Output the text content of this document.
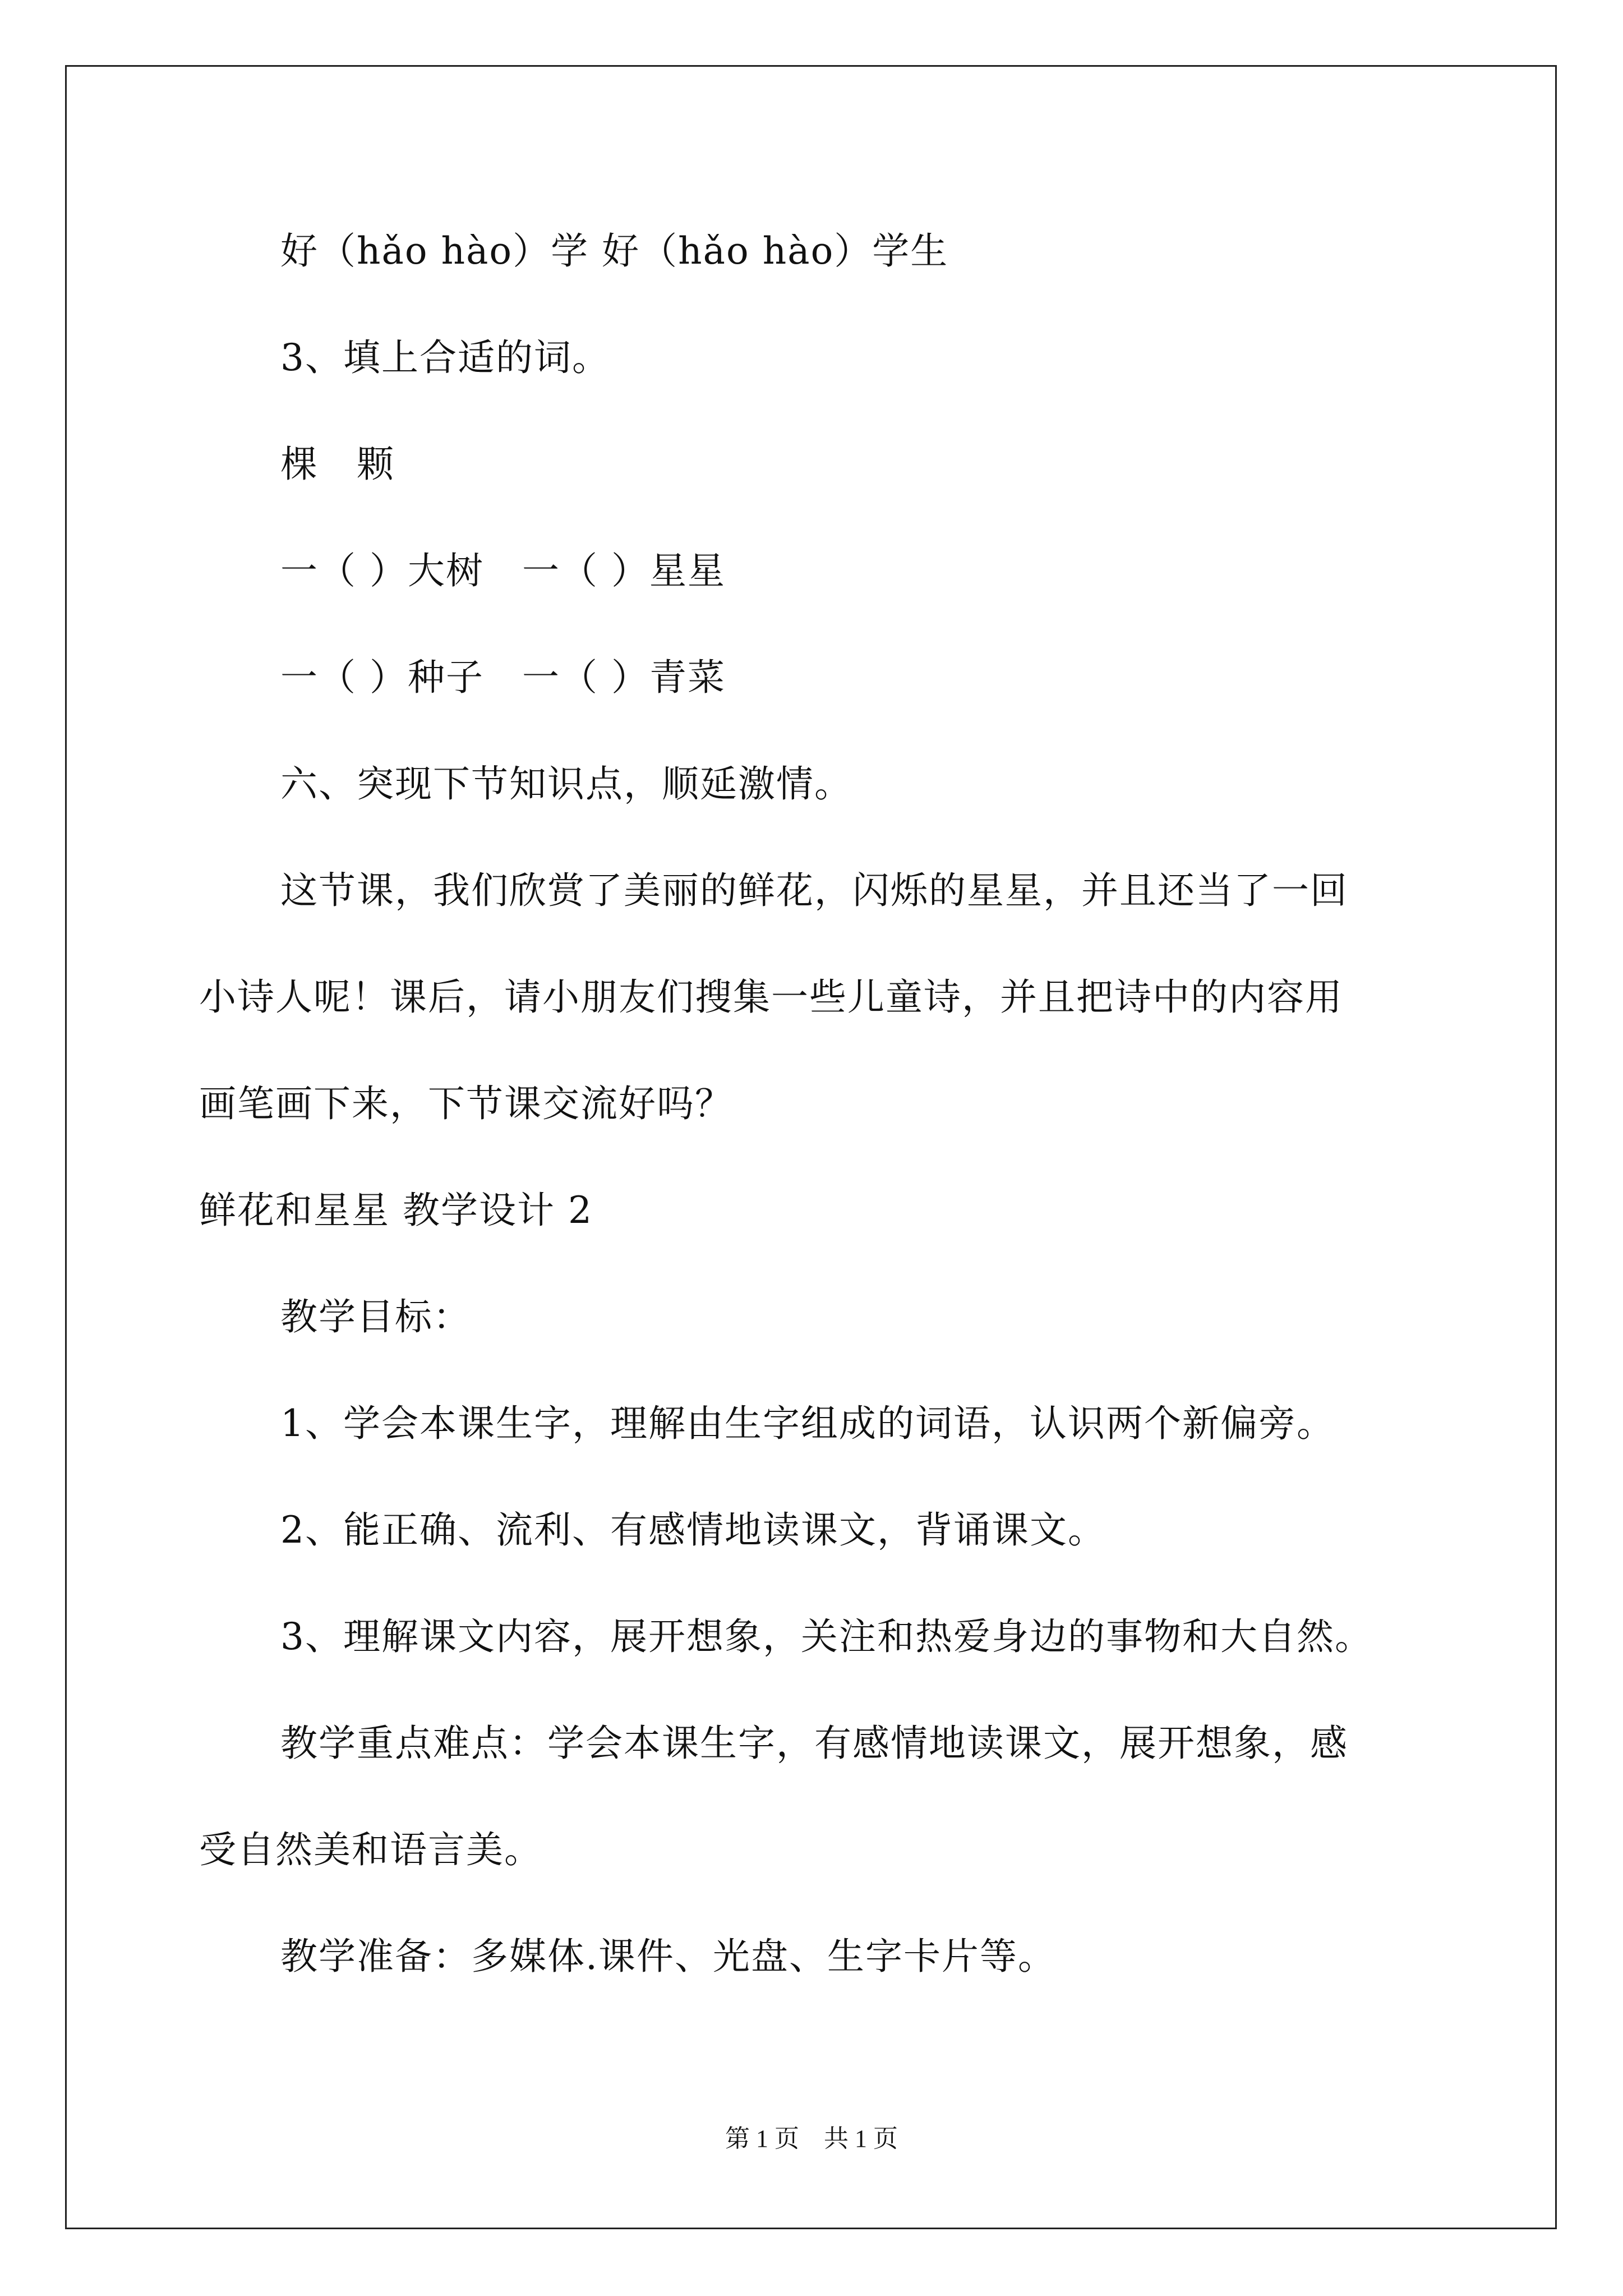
好（hǎo hào）学 好（hǎo hào）学生
3、填上合适的词。
棵　颗
一（ ）大树　一（ ）星星
一（ ）种子　一（ ）青菜
六、突现下节知识点，顺延激情。
这节课，我们欣赏了美丽的鲜花，闪烁的星星，并且还当了一回
小诗人呢！课后，请小朋友们搜集一些儿童诗，并且把诗中的内容用
画笔画下来，下节课交流好吗？
鲜花和星星 教学设计 2
教学目标：
1、学会本课生字，理解由生字组成的词语，认识两个新偏旁。
2、能正确、流利、有感情地读课文，背诵课文。
3、理解课文内容，展开想象，关注和热爱身边的事物和大自然。
教学重点难点：学会本课生字，有感情地读课文，展开想象，感
受自然美和语言美。
教学准备：多媒体.课件、光盘、生字卡片等。
第 1 页　共 1 页
